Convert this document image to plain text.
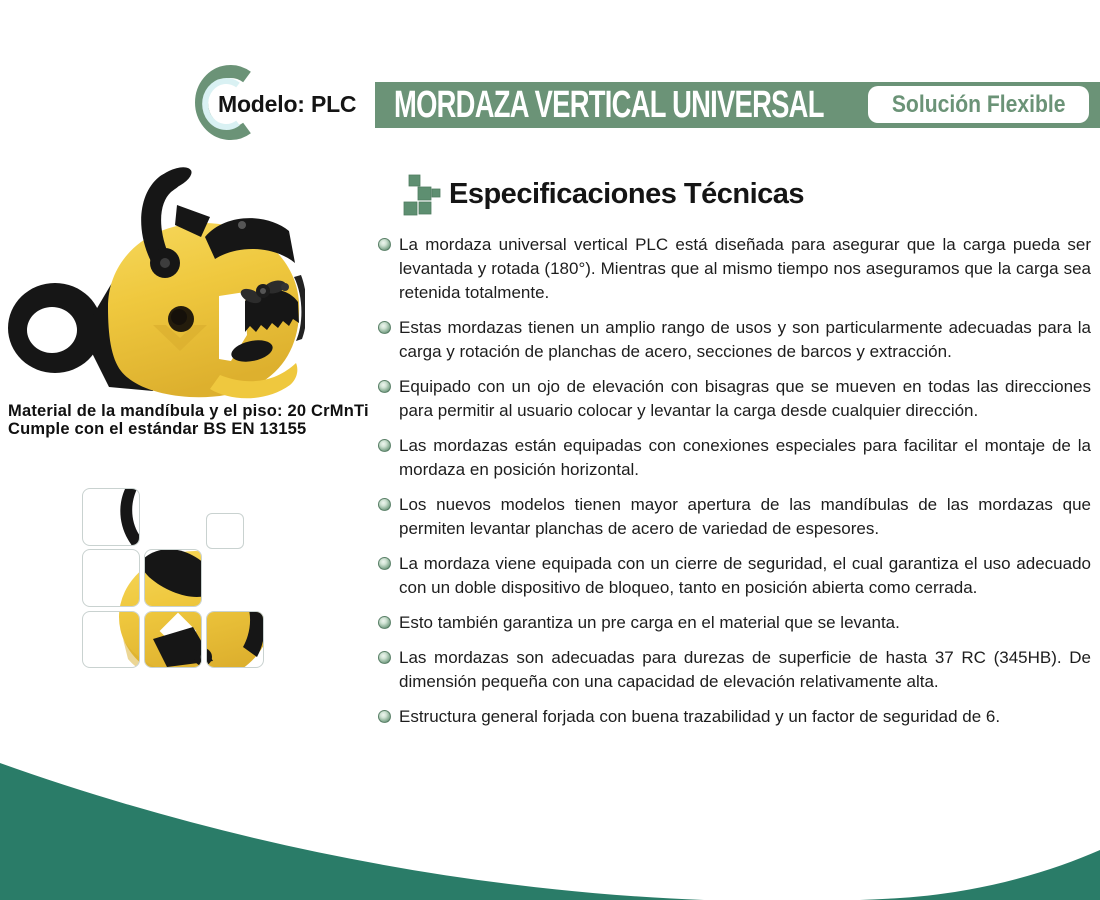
Modelo: PLC MORDAZA VERTICAL UNIVERSAL	Solución Flexible
Material de la mandíbula y el piso: 20 CrMnTi
Cumple con el estándar BS EN 13155
Especificaciones Técnicas
La mordaza universal vertical PLC está diseñada para asegurar que la carga pueda ser levantada y rotada (180°). Mientras que al mismo tiempo nos aseguramos que la carga sea retenida totalmente.
Estas mordazas tienen un amplio rango de usos y son particularmente adecuadas para la carga y rotación de planchas de acero, secciones de barcos y extracción.
Equipado con un ojo de elevación con bisagras que se mueven en todas las direcciones para permitir al usuario colocar y levantar la carga desde cualquier dirección.
Las mordazas están equipadas con conexiones especiales para facilitar el montaje de la mordaza en posición horizontal.
Los nuevos modelos tienen mayor apertura de las mandíbulas de las mordazas que permiten levantar planchas de acero de variedad de espesores.
La mordaza viene equipada con un cierre de seguridad, el cual garantiza el uso adecuado con un doble dispositivo de bloqueo, tanto en posición abierta como cerrada.
Esto también garantiza un pre carga en el material que se levanta.
Las mordazas son adecuadas para durezas de superficie de hasta 37 RC (345HB). De dimensión pequeña con una capacidad de elevación relativamente alta.
Estructura general forjada con buena trazabilidad y un factor de seguridad de 6.
